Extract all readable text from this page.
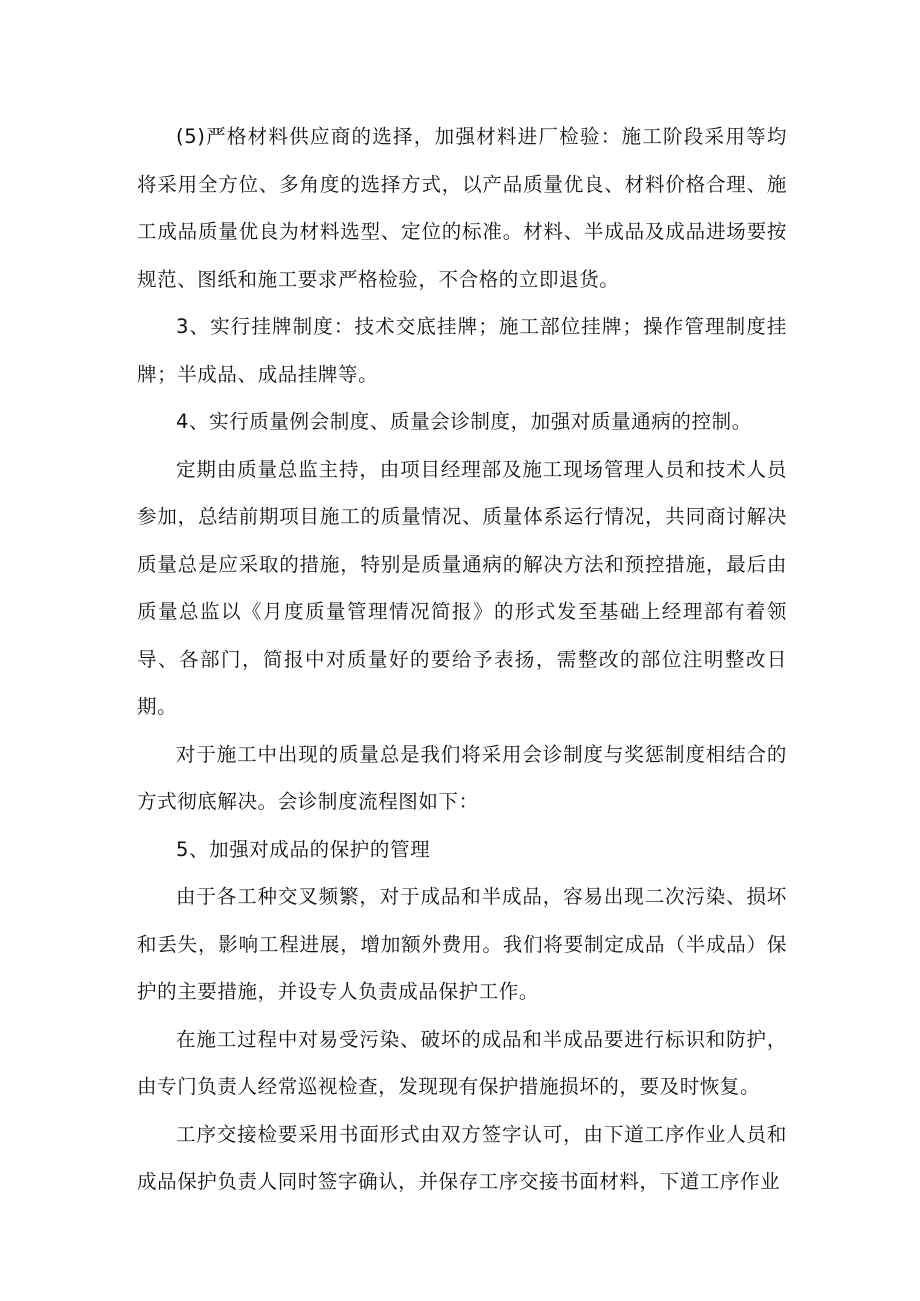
(5)严格材料供应商的选择，加强材料进厂检验：施工阶段采用等均将采用全方位、多角度的选择方式，以产品质量优良、材料价格合理、施工成品质量优良为材料选型、定位的标准。材料、半成品及成品进场要按规范、图纸和施工要求严格检验，不合格的立即退货。

3、实行挂牌制度：技术交底挂牌；施工部位挂牌；操作管理制度挂牌；半成品、成品挂牌等。

4、实行质量例会制度、质量会诊制度，加强对质量通病的控制。

定期由质量总监主持，由项目经理部及施工现场管理人员和技术人员参加，总结前期项目施工的质量情况、质量体系运行情况，共同商讨解决质量总是应采取的措施，特别是质量通病的解决方法和预控措施，最后由质量总监以《月度质量管理情况简报》的形式发至基础上经理部有着领导、各部门，简报中对质量好的要给予表扬，需整改的部位注明整改日期。

对于施工中出现的质量总是我们将采用会诊制度与奖惩制度相结合的方式彻底解决。会诊制度流程图如下：

5、加强对成品的保护的管理

由于各工种交叉频繁，对于成品和半成品，容易出现二次污染、损坏和丢失，影响工程进展，增加额外费用。我们将要制定成品（半成品）保护的主要措施，并设专人负责成品保护工作。

在施工过程中对易受污染、破坏的成品和半成品要进行标识和防护，由专门负责人经常巡视检查，发现现有保护措施损坏的，要及时恢复。

工序交接检要采用书面形式由双方签字认可，由下道工序作业人员和成品保护负责人同时签字确认，并保存工序交接书面材料，下道工序作业
